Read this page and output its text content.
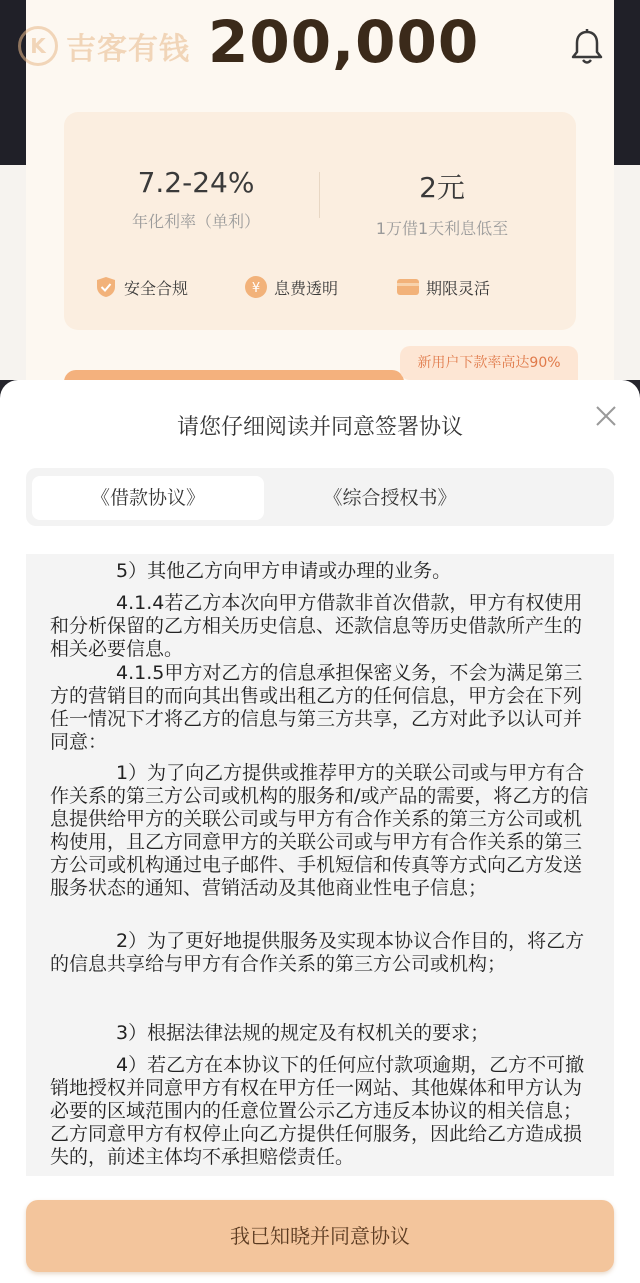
K 吉客有钱 200,000
7.2-24%
年化利率（单利）
2元
1万借1天利息低至
安全合规	¥ 息费透明	期限灵活
新用户下款率高达90%
请您仔细阅读并同意签署协议
《借款协议》	《综合授权书》
5）其他乙方向甲方申请或办理的业务。
4.1.4若乙方本次向甲方借款非首次借款，甲方有权使用和分析保留的乙方相关历史信息、还款信息等历史借款所产生的相关必要信息。
4.1.5甲方对乙方的信息承担保密义务，不会为满足第三方的营销目的而向其出售或出租乙方的任何信息，甲方会在下列任一情况下才将乙方的信息与第三方共享，乙方对此予以认可并同意：
1）为了向乙方提供或推荐甲方的关联公司或与甲方有合作关系的第三方公司或机构的服务和/或产品的需要，将乙方的信息提供给甲方的关联公司或与甲方有合作关系的第三方公司或机构使用，且乙方同意甲方的关联公司或与甲方有合作关系的第三方公司或机构通过电子邮件、手机短信和传真等方式向乙方发送服务状态的通知、营销活动及其他商业性电子信息；
2）为了更好地提供服务及实现本协议合作目的，将乙方的信息共享给与甲方有合作关系的第三方公司或机构；
3）根据法律法规的规定及有权机关的要求；
4）若乙方在本协议下的任何应付款项逾期，乙方不可撤销地授权并同意甲方有权在甲方任一网站、其他媒体和甲方认为必要的区域范围内的任意位置公示乙方违反本协议的相关信息；乙方同意甲方有权停止向乙方提供任何服务，因此给乙方造成损失的，前述主体均不承担赔偿责任。
我已知晓并同意协议
